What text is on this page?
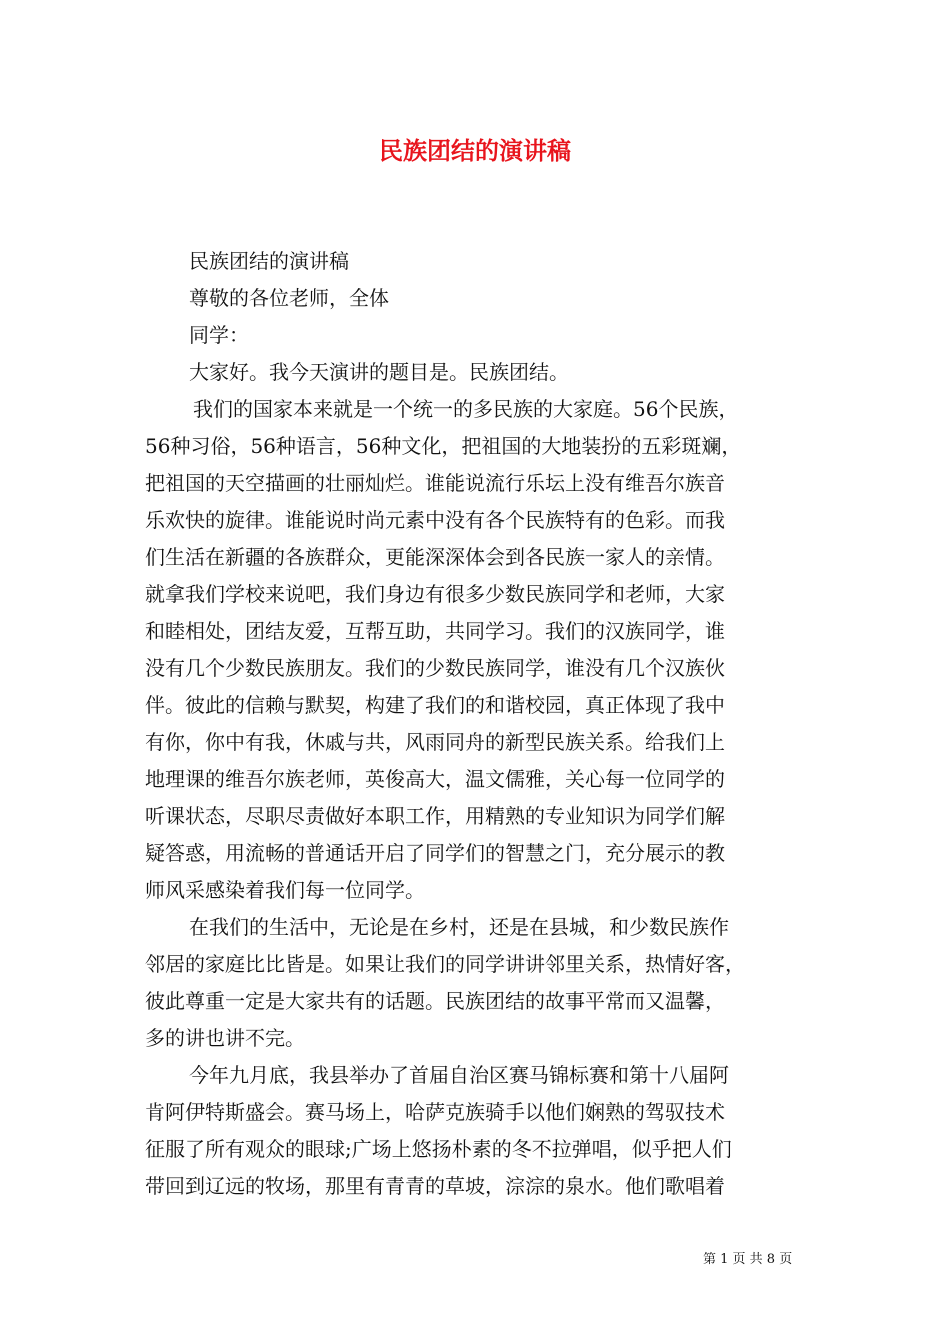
民族团结的演讲稿
民族团结的演讲稿
尊敬的各位老师，全体
同学：
大家好。我今天演讲的题目是。民族团结。
我们的国家本来就是一个统一的多民族的大家庭。56个民族，
56种习俗，56种语言，56种文化，把祖国的大地装扮的五彩斑斓，
把祖国的天空描画的壮丽灿烂。谁能说流行乐坛上没有维吾尔族音
乐欢快的旋律。谁能说时尚元素中没有各个民族特有的色彩。而我
们生活在新疆的各族群众，更能深深体会到各民族一家人的亲情。
就拿我们学校来说吧，我们身边有很多少数民族同学和老师，大家
和睦相处，团结友爱，互帮互助，共同学习。我们的汉族同学，谁
没有几个少数民族朋友。我们的少数民族同学，谁没有几个汉族伙
伴。彼此的信赖与默契，构建了我们的和谐校园，真正体现了我中
有你，你中有我，休戚与共，风雨同舟的新型民族关系。给我们上
地理课的维吾尔族老师，英俊高大，温文儒雅，关心每一位同学的
听课状态，尽职尽责做好本职工作，用精熟的专业知识为同学们解
疑答惑，用流畅的普通话开启了同学们的智慧之门，充分展示的教
师风采感染着我们每一位同学。
在我们的生活中，无论是在乡村，还是在县城，和少数民族作
邻居的家庭比比皆是。如果让我们的同学讲讲邻里关系，热情好客，
彼此尊重一定是大家共有的话题。民族团结的故事平常而又温馨，
多的讲也讲不完。
今年九月底，我县举办了首届自治区赛马锦标赛和第十八届阿
肯阿伊特斯盛会。赛马场上，哈萨克族骑手以他们娴熟的驾驭技术
征服了所有观众的眼球;广场上悠扬朴素的冬不拉弹唱，似乎把人们
带回到辽远的牧场，那里有青青的草坡，淙淙的泉水。他们歌唱着
第 1 页 共 8 页
